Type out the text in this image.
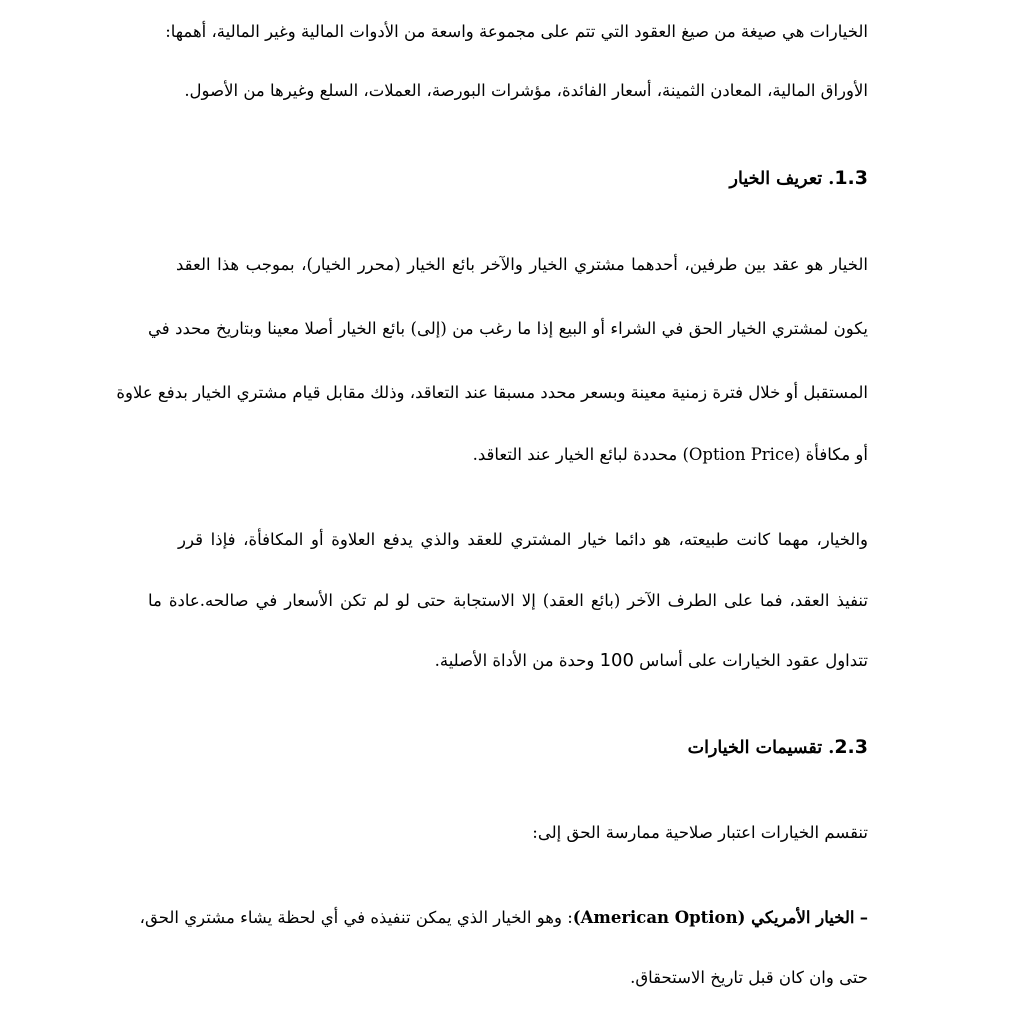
الخيارات هي صيغة من صيغ العقود التي تتم على مجموعة واسعة من الأدوات المالية وغير المالية، أهمها:

الأوراق المالية، المعادن الثمينة، أسعار الفائدة، مؤشرات البورصة، العملات، السلع وغيرها من الأصول.

1.3. تعريف الخيار

الخيار هو عقد بين طرفين، أحدهما مشتري الخيار والآخر بائع الخيار (محرر الخيار)، بموجب هذا العقد

يكون لمشتري الخيار الحق في الشراء أو البيع إذا ما رغب من (إلى) بائع الخيار أصلا معينا وبتاريخ محدد في

المستقبل أو خلال فترة زمنية معينة وبسعر محدد مسبقا عند التعاقد، وذلك مقابل قيام مشتري الخيار بدفع علاوة

أو مكافأة (Option Price) محددة لبائع الخيار عند التعاقد.

والخيار، مهما كانت طبيعته، هو دائما خيار المشتري للعقد والذي يدفع العلاوة أو المكافأة، فإذا قرر

تنفيذ العقد، فما على الطرف الآخر (بائع العقد) إلا الاستجابة حتى لو لم تكن الأسعار في صالحه.عادة ما

تتداول عقود الخيارات على أساس 100 وحدة من الأداة الأصلية.

2.3. تقسيمات الخيارات

تنقسم الخيارات اعتبار صلاحية ممارسة الحق إلى:

– الخيار الأمريكي (American Option): وهو الخيار الذي يمكن تنفيذه في أي لحظة يشاء مشتري الحق،

حتى وان كان قبل تاريخ الاستحقاق.
